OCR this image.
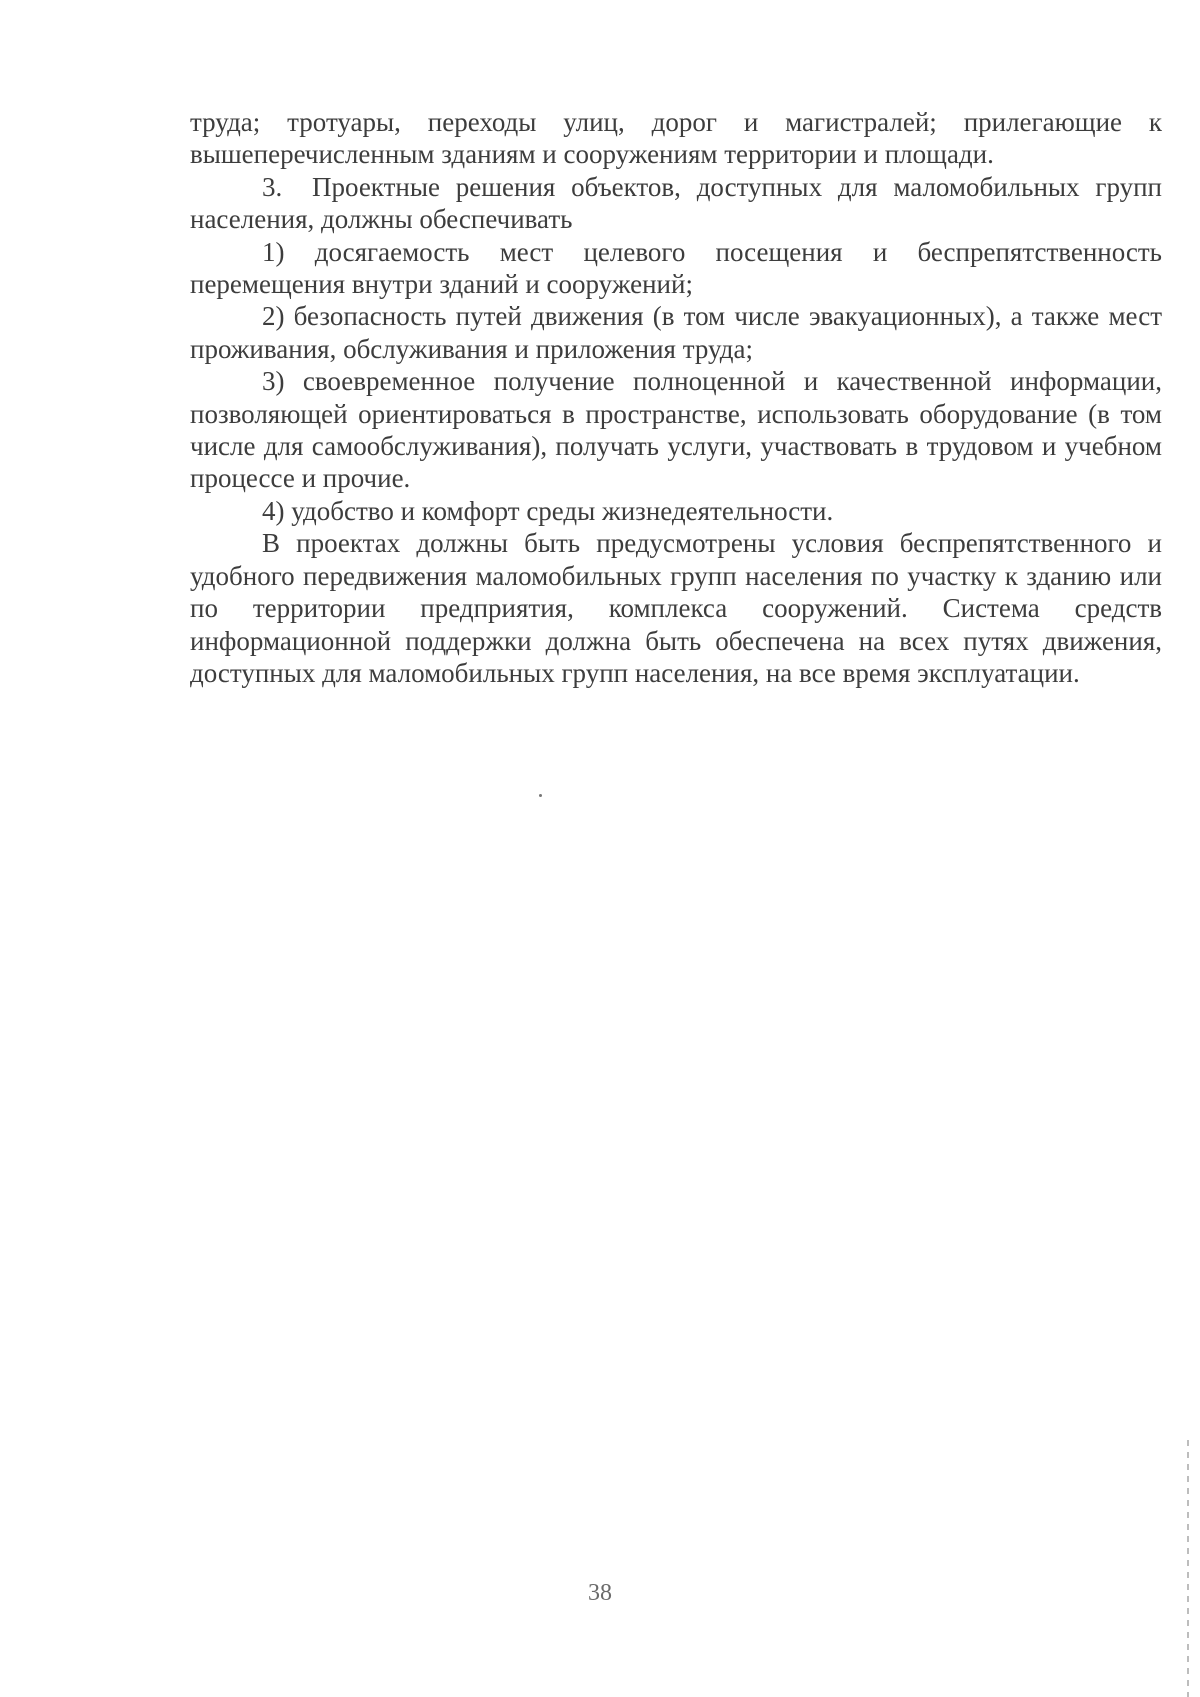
труда; тротуары, переходы улиц, дорог и магистралей; прилегающие к вышеперечисленным зданиям и сооружениям территории и площади.

3. Проектные решения объектов, доступных для маломобильных групп населения, должны обеспечивать

1) досягаемость мест целевого посещения и беспрепятственность перемещения внутри зданий и сооружений;

2) безопасность путей движения (в том числе эвакуационных), а также мест проживания, обслуживания и приложения труда;

3) своевременное получение полноценной и качественной информации, позволяющей ориентироваться в пространстве, использовать оборудование (в том числе для самообслуживания), получать услуги, участвовать в трудовом и учебном процессе и прочие.

4) удобство и комфорт среды жизнедеятельности.

В проектах должны быть предусмотрены условия беспрепятственного и удобного передвижения маломобильных групп населения по участку к зданию или по территории предприятия, комплекса сооружений. Система средств информационной поддержки должна быть обеспечена на всех путях движения, доступных для маломобильных групп населения, на все время эксплуатации.

38
